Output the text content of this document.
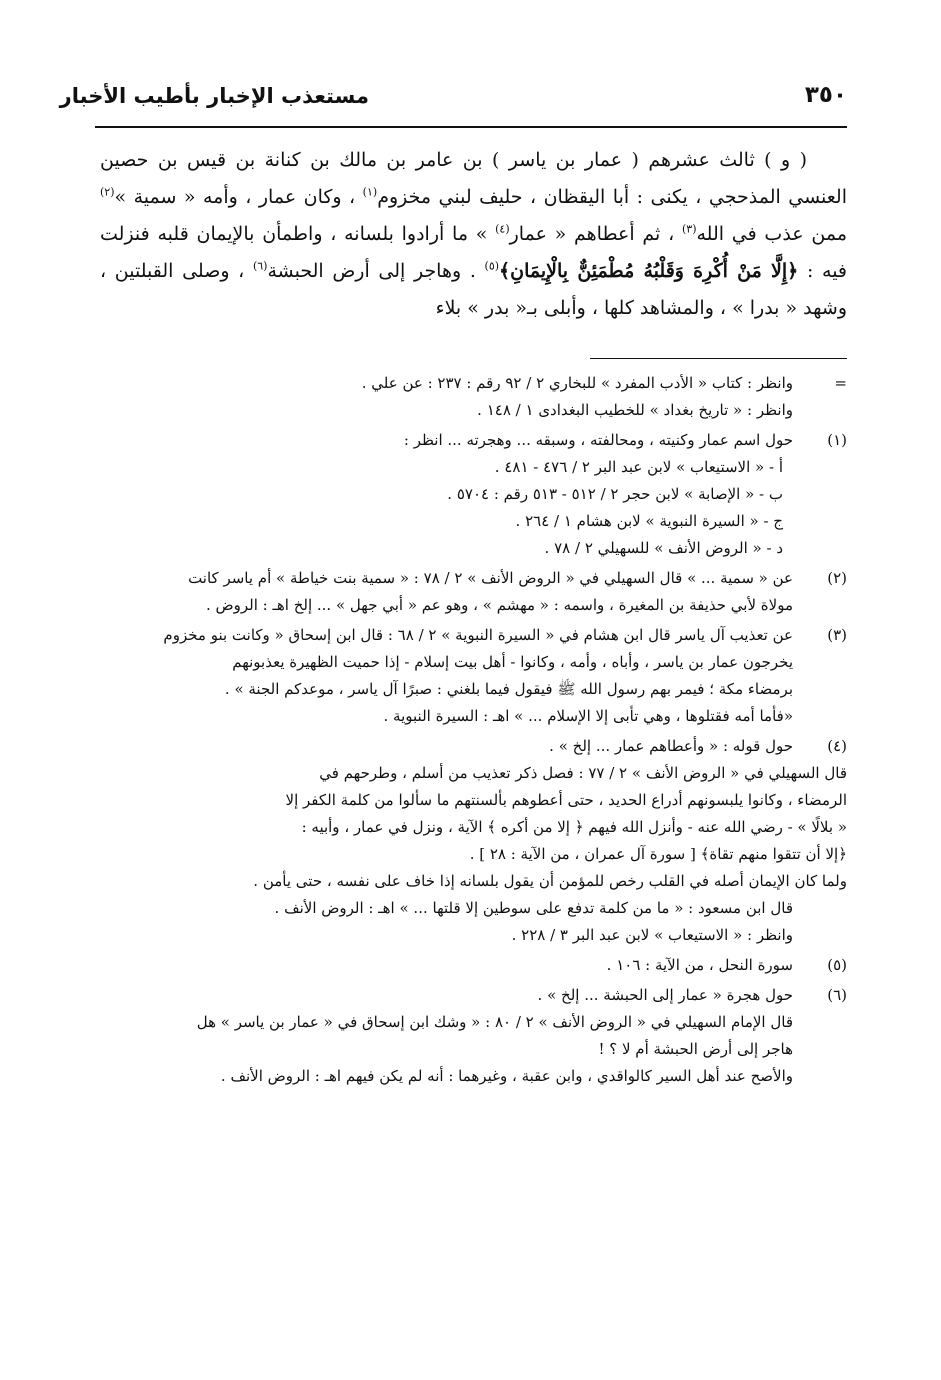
٣٥٠
مستعذب الإخبار بأطيب الأخبار

( و ) ثالث عشرهم ( عمار بن ياسر ) بن عامر بن مالك بن كنانة بن قيس بن حصين العنسي المذحجي ، يكنى : أبا اليقظان ، حليف لبني مخزوم$^{(١)}$ ، وكان عمار ، وأمه « سمية »$^{(٢)}$ ممن عذب في الله$^{(٣)}$ ، ثم أعطاهم « عمار$^{(٤)}$ » ما أرادوا بلسانه ، واطمأن بالإيمان قلبه فنزلت فيه : ﴿إِلَّا مَنْ أُكْرِهَ وَقَلْبُهُ مُطْمَئِنٌّ بِالْإِيمَانِ﴾$^{(٥)}$ . وهاجر إلى أرض الحبشة$^{(٦)}$ ، وصلى القبلتين ، وشهد « بدرا » ، والمشاهد كلها ، وأبلى بـ« بدر » بلاء

=
وانظر : كتاب « الأدب المفرد » للبخاري ٢ / ٩٢ رقم : ٢٣٧ : عن علي .
وانظر : « تاريخ بغداد » للخطيب البغدادى ١ / ١٤٨ .
(١)
حول اسم عمار وكنيته ، ومحالفته ، وسبقه ... وهجرته ... انظر :
أ - « الاستيعاب » لابن عبد البر ٢ / ٤٧٦ - ٤٨١ .
ب - « الإصابة » لابن حجر ٢ / ٥١٢ - ٥١٣ رقم : ٥٧٠٤ .
ج - « السيرة النبوية » لابن هشام ١ / ٢٦٤ .
د - « الروض الأنف » للسهيلي ٢ / ٧٨ .
(٢)
عن « سمية ... » قال السهيلي في « الروض الأنف » ٢ / ٧٨ : « سمية بنت خياطة » أم ياسر كانت
مولاة لأبي حذيفة بن المغيرة ، واسمه : « مهشم » ، وهو عم « أبي جهل » ... إلخ اهـ : الروض .
(٣)
عن تعذيب آل ياسر قال ابن هشام في « السيرة النبوية » ٢ / ٦٨ : قال ابن إسحاق « وكانت بنو مخزوم
يخرجون عمار بن ياسر ، وأباه ، وأمه ، وكانوا - أهل بيت إسلام - إذا حميت الظهيرة يعذبونهم
برمضاء مكة ؛ فيمر بهم رسول الله ﷺ فيقول فيما بلغني : صبرًا آل ياسر ، موعدكم الجنة » .
«فأما أمه فقتلوها ، وهي تأبى إلا الإسلام ... » اهـ : السيرة النبوية .
(٤)
حول قوله : « وأعطاهم عمار ... إلخ » .
قال السهيلي في « الروض الأنف » ٢ / ٧٧ : فصل ذكر تعذيب من أسلم ، وطرحهم في
الرمضاء ، وكانوا يلبسونهم أدراع الحديد ، حتى أعطوهم بألسنتهم ما سألوا من كلمة الكفر إلا
« بلالًا » - رضي الله عنه - وأنزل الله فيهم ﴿ إلا من أكره ﴾ الآية ، ونزل في عمار ، وأبيه :
﴿إلا أن تتقوا منهم تقاة﴾ [ سورة آل عمران ، من الآية : ٢٨ ] .
ولما كان الإيمان أصله في القلب رخص للمؤمن أن يقول بلسانه إذا خاف على نفسه ، حتى يأمن .
قال ابن مسعود : « ما من كلمة تدفع على سوطين إلا قلتها ... » اهـ : الروض الأنف .
وانظر : « الاستيعاب » لابن عبد البر ٣ / ٢٢٨ .
(٥)
سورة النحل ، من الآية : ١٠٦ .
(٦)
حول هجرة « عمار إلى الحبشة ... إلخ » .
قال الإمام السهيلي في « الروض الأنف » ٢ / ٨٠ : « وشك ابن إسحاق في « عمار بن ياسر » هل
هاجر إلى أرض الحبشة أم لا ؟ !
والأصح عند أهل السير كالواقدي ، وابن عقبة ، وغيرهما : أنه لم يكن فيهم اهـ : الروض الأنف .
